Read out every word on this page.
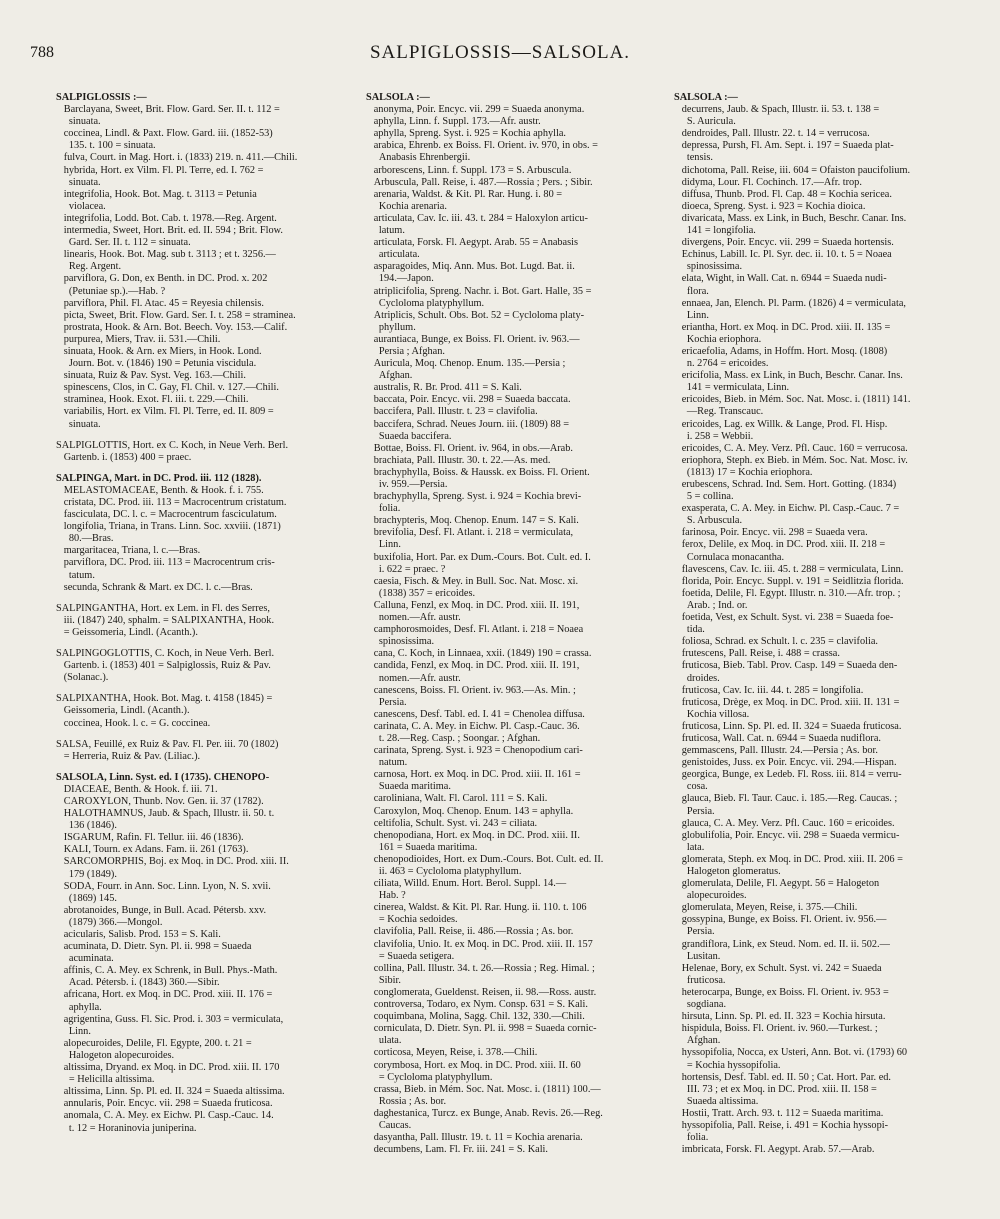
788	SALPIGLOSSIS—SALSOLA.
SALPIGLOSSIS :—
Barclayana, Sweet, Brit. Flow. Gard. Ser. II. t. 112 =
sinuata.
coccinea, Lindl. & Paxt. Flow. Gard. iii. (1852-53)
135. t. 100 = sinuata.
fulva, Court. in Mag. Hort. i. (1833) 219. n. 411.—Chili.
hybrida, Hort. ex Vilm. Fl. Pl. Terre, ed. I. 762 =
sinuata.
integrifolia, Hook. Bot. Mag. t. 3113 = Petunia
violacea.
integrifolia, Lodd. Bot. Cab. t. 1978.—Reg. Argent.
intermedia, Sweet, Hort. Brit. ed. II. 594 ; Brit. Flow.
Gard. Ser. II. t. 112 = sinuata.
linearis, Hook. Bot. Mag. sub t. 3113 ; et t. 3256.—
Reg. Argent.
parviflora, G. Don, ex Benth. in DC. Prod. x. 202
(Petuniae sp.).—Hab. ?
parviflora, Phil. Fl. Atac. 45 = Reyesia chilensis.
picta, Sweet, Brit. Flow. Gard. Ser. I. t. 258 = straminea.
prostrata, Hook. & Arn. Bot. Beech. Voy. 153.—Calif.
purpurea, Miers, Trav. ii. 531.—Chili.
sinuata, Hook. & Arn. ex Miers, in Hook. Lond.
Journ. Bot. v. (1846) 190 = Petunia viscidula.
sinuata, Ruiz & Pav. Syst. Veg. 163.—Chili.
spinescens, Clos, in C. Gay, Fl. Chil. v. 127.—Chili.
straminea, Hook. Exot. Fl. iii. t. 229.—Chili.
variabilis, Hort. ex Vilm. Fl. Pl. Terre, ed. II. 809 =
sinuata.
SALPIGLOTTIS, Hort. ex C. Koch, in Neue Verh. Berl.
Gartenb. i. (1853) 400 = praec.
SALPINGA, Mart. in DC. Prod. iii. 112 (1828).
MELASTOMACEAE, Benth. & Hook. f. i. 755.
cristata, DC. Prod. iii. 113 = Macrocentrum cristatum.
fasciculata, DC. l. c. = Macrocentrum fasciculatum.
longifolia, Triana, in Trans. Linn. Soc. xxviii. (1871)
80.—Bras.
margaritacea, Triana, l. c.—Bras.
parviflora, DC. Prod. iii. 113 = Macrocentrum cris-
tatum.
secunda, Schrank & Mart. ex DC. l. c.—Bras.
SALPINGANTHA, Hort. ex Lem. in Fl. des Serres,
iii. (1847) 240, sphalm. = SALPIXANTHA, Hook.
= Geissomeria, Lindl. (Acanth.).
SALPINGOGLOTTIS, C. Koch, in Neue Verh. Berl.
Gartenb. i. (1853) 401 = Salpiglossis, Ruiz & Pav.
(Solanac.).
SALPIXANTHA, Hook. Bot. Mag. t. 4158 (1845) =
Geissomeria, Lindl. (Acanth.).
coccinea, Hook. l. c. = G. coccinea.
SALSA, Feuillé, ex Ruiz & Pav. Fl. Per. iii. 70 (1802)
= Herreria, Ruiz & Pav. (Liliac.).
SALSOLA, Linn. Syst. ed. I (1735). CHENOPO-
DIACEAE, Benth. & Hook. f. iii. 71.
CAROXYLON, Thunb. Nov. Gen. ii. 37 (1782).
HALOTHAMNUS, Jaub. & Spach, Illustr. ii. 50. t.
136 (1846).
ISGARUM, Rafin. Fl. Tellur. iii. 46 (1836).
KALI, Tourn. ex Adans. Fam. ii. 261 (1763).
SARCOMORPHIS, Boj. ex Moq. in DC. Prod. xiii. II.
179 (1849).
SODA, Fourr. in Ann. Soc. Linn. Lyon, N. S. xvii.
(1869) 145.
abrotanoides, Bunge, in Bull. Acad. Pétersb. xxv.
(1879) 366.—Mongol.
acicularis, Salisb. Prod. 153 = S. Kali.
acuminata, D. Dietr. Syn. Pl. ii. 998 = Suaeda
acuminata.
affinis, C. A. Mey. ex Schrenk, in Bull. Phys.-Math.
Acad. Pétersb. i. (1843) 360.—Sibir.
africana, Hort. ex Moq. in DC. Prod. xiii. II. 176 =
aphylla.
agrigentina, Guss. Fl. Sic. Prod. i. 303 = vermiculata,
Linn.
alopecuroides, Delile, Fl. Egypte, 200. t. 21 =
Halogeton alopecuroides.
altissima, Dryand. ex Moq. in DC. Prod. xiii. II. 170
= Helicilla altissima.
altissima, Linn. Sp. Pl. ed. II. 324 = Suaeda altissima.
annularis, Poir. Encyc. vii. 298 = Suaeda fruticosa.
anomala, C. A. Mey. ex Eichw. Pl. Casp.-Cauc. 14.
t. 12 = Horaninovia juniperina.
SALSOLA :—
anonyma, Poir. Encyc. vii. 299 = Suaeda anonyma.
aphylla, Linn. f. Suppl. 173.—Afr. austr.
aphylla, Spreng. Syst. i. 925 = Kochia aphylla.
arabica, Ehrenb. ex Boiss. Fl. Orient. iv. 970, in obs. =
Anabasis Ehrenbergii.
arborescens, Linn. f. Suppl. 173 = S. Arbuscula.
Arbuscula, Pall. Reise, i. 487.—Rossia ; Pers. ; Sibir.
arenaria, Waldst. & Kit. Pl. Rar. Hung. i. 80 =
Kochia arenaria.
articulata, Cav. Ic. iii. 43. t. 284 = Haloxylon articu-
latum.
articulata, Forsk. Fl. Aegypt. Arab. 55 = Anabasis
articulata.
asparagoides, Miq. Ann. Mus. Bot. Lugd. Bat. ii.
194.—Japon.
atriplicifolia, Spreng. Nachr. i. Bot. Gart. Halle, 35 =
Cycloloma platyphyllum.
Atriplicis, Schult. Obs. Bot. 52 = Cycloloma platy-
phyllum.
aurantiaca, Bunge, ex Boiss. Fl. Orient. iv. 963.—
Persia ; Afghan.
Auricula, Moq. Chenop. Enum. 135.—Persia ;
Afghan.
australis, R. Br. Prod. 411 = S. Kali.
baccata, Poir. Encyc. vii. 298 = Suaeda baccata.
baccifera, Pall. Illustr. t. 23 = clavifolia.
baccifera, Schrad. Neues Journ. iii. (1809) 88 =
Suaeda baccifera.
Bottae, Boiss. Fl. Orient. iv. 964, in obs.—Arab.
brachiata, Pall. Illustr. 30. t. 22.—As. med.
brachyphylla, Boiss. & Haussk. ex Boiss. Fl. Orient.
iv. 959.—Persia.
brachyphylla, Spreng. Syst. i. 924 = Kochia brevi-
folia.
brachypteris, Moq. Chenop. Enum. 147 = S. Kali.
brevifolia, Desf. Fl. Atlant. i. 218 = vermiculata,
Linn.
buxifolia, Hort. Par. ex Dum.-Cours. Bot. Cult. ed. I.
i. 622 = praec. ?
caesia, Fisch. & Mey. in Bull. Soc. Nat. Mosc. xi.
(1838) 357 = ericoides.
Calluna, Fenzl, ex Moq. in DC. Prod. xiii. II. 191,
nomen.—Afr. austr.
camphorosmoides, Desf. Fl. Atlant. i. 218 = Noaea
spinosissima.
cana, C. Koch, in Linnaea, xxii. (1849) 190 = crassa.
candida, Fenzl, ex Moq. in DC. Prod. xiii. II. 191,
nomen.—Afr. austr.
canescens, Boiss. Fl. Orient. iv. 963.—As. Min. ;
Persia.
canescens, Desf. Tabl. ed. I. 41 = Chenolea diffusa.
carinata, C. A. Mey. in Eichw. Pl. Casp.-Cauc. 36.
t. 28.—Reg. Casp. ; Soongar. ; Afghan.
carinata, Spreng. Syst. i. 923 = Chenopodium cari-
natum.
carnosa, Hort. ex Moq. in DC. Prod. xiii. II. 161 =
Suaeda maritima.
caroliniana, Walt. Fl. Carol. 111 = S. Kali.
Caroxylon, Moq. Chenop. Enum. 143 = aphylla.
celtifolia, Schult. Syst. vi. 243 = ciliata.
chenopodiana, Hort. ex Moq. in DC. Prod. xiii. II.
161 = Suaeda maritima.
chenopodioides, Hort. ex Dum.-Cours. Bot. Cult. ed. II.
ii. 463 = Cycloloma platyphyllum.
ciliata, Willd. Enum. Hort. Berol. Suppl. 14.—
Hab. ?
cinerea, Waldst. & Kit. Pl. Rar. Hung. ii. 110. t. 106
= Kochia sedoides.
clavifolia, Pall. Reise, ii. 486.—Rossia ; As. bor.
clavifolia, Unio. It. ex Moq. in DC. Prod. xiii. II. 157
= Suaeda setigera.
collina, Pall. Illustr. 34. t. 26.—Rossia ; Reg. Himal. ;
Sibir.
conglomerata, Gueldenst. Reisen, ii. 98.—Ross. austr.
controversa, Todaro, ex Nym. Consp. 631 = S. Kali.
coquimbana, Molina, Sagg. Chil. 132, 330.—Chili.
corniculata, D. Dietr. Syn. Pl. ii. 998 = Suaeda cornic-
ulata.
corticosa, Meyen, Reise, i. 378.—Chili.
corymbosa, Hort. ex Moq. in DC. Prod. xiii. II. 60
= Cycloloma platyphyllum.
crassa, Bieb. in Mém. Soc. Nat. Mosc. i. (1811) 100.—
Rossia ; As. bor.
daghestanica, Turcz. ex Bunge, Anab. Revis. 26.—Reg.
Caucas.
dasyantha, Pall. Illustr. 19. t. 11 = Kochia arenaria.
decumbens, Lam. Fl. Fr. iii. 241 = S. Kali.
SALSOLA :—
decurrens, Jaub. & Spach, Illustr. ii. 53. t. 138 =
S. Auricula.
dendroides, Pall. Illustr. 22. t. 14 = verrucosa.
depressa, Pursh, Fl. Am. Sept. i. 197 = Suaeda plat-
tensis.
dichotoma, Pall. Reise, iii. 604 = Ofaiston paucifolium.
didyma, Lour. Fl. Cochinch. 17.—Afr. trop.
diffusa, Thunb. Prod. Fl. Cap. 48 = Kochia sericea.
dioeca, Spreng. Syst. i. 923 = Kochia dioica.
divaricata, Mass. ex Link, in Buch, Beschr. Canar. Ins.
141 = longifolia.
divergens, Poir. Encyc. vii. 299 = Suaeda hortensis.
Echinus, Labill. Ic. Pl. Syr. dec. ii. 10. t. 5 = Noaea
spinosissima.
elata, Wight, in Wall. Cat. n. 6944 = Suaeda nudi-
flora.
ennaea, Jan, Elench. Pl. Parm. (1826) 4 = vermiculata,
Linn.
eriantha, Hort. ex Moq. in DC. Prod. xiii. II. 135 =
Kochia eriophora.
ericaefolia, Adams, in Hoffm. Hort. Mosq. (1808)
n. 2764 = ericoides.
ericifolia, Mass. ex Link, in Buch, Beschr. Canar. Ins.
141 = vermiculata, Linn.
ericoides, Bieb. in Mém. Soc. Nat. Mosc. i. (1811) 141.
—Reg. Transcauc.
ericoides, Lag. ex Willk. & Lange, Prod. Fl. Hisp.
i. 258 = Webbii.
ericoides, C. A. Mey. Verz. Pfl. Cauc. 160 = verrucosa.
eriophora, Steph. ex Bieb. in Mém. Soc. Nat. Mosc. iv.
(1813) 17 = Kochia eriophora.
erubescens, Schrad. Ind. Sem. Hort. Gotting. (1834)
5 = collina.
exasperata, C. A. Mey. in Eichw. Pl. Casp.-Cauc. 7 =
S. Arbuscula.
farinosa, Poir. Encyc. vii. 298 = Suaeda vera.
ferox, Delile, ex Moq. in DC. Prod. xiii. II. 218 =
Cornulaca monacantha.
flavescens, Cav. Ic. iii. 45. t. 288 = vermiculata, Linn.
florida, Poir. Encyc. Suppl. v. 191 = Seidlitzia florida.
foetida, Delile, Fl. Egypt. Illustr. n. 310.—Afr. trop. ;
Arab. ; Ind. or.
foetida, Vest, ex Schult. Syst. vi. 238 = Suaeda foe-
tida.
foliosa, Schrad. ex Schult. l. c. 235 = clavifolia.
frutescens, Pall. Reise, i. 488 = crassa.
fruticosa, Bieb. Tabl. Prov. Casp. 149 = Suaeda den-
droides.
fruticosa, Cav. Ic. iii. 44. t. 285 = longifolia.
fruticosa, Drège, ex Moq. in DC. Prod. xiii. II. 131 =
Kochia villosa.
fruticosa, Linn. Sp. Pl. ed. II. 324 = Suaeda fruticosa.
fruticosa, Wall. Cat. n. 6944 = Suaeda nudiflora.
gemmascens, Pall. Illustr. 24.—Persia ; As. bor.
genistoides, Juss. ex Poir. Encyc. vii. 294.—Hispan.
georgica, Bunge, ex Ledeb. Fl. Ross. iii. 814 = verru-
cosa.
glauca, Bieb. Fl. Taur. Cauc. i. 185.—Reg. Caucas. ;
Persia.
glauca, C. A. Mey. Verz. Pfl. Cauc. 160 = ericoides.
globulifolia, Poir. Encyc. vii. 298 = Suaeda vermicu-
lata.
glomerata, Steph. ex Moq. in DC. Prod. xiii. II. 206 =
Halogeton glomeratus.
glomerulata, Delile, Fl. Aegypt. 56 = Halogeton
alopecuroides.
glomerulata, Meyen, Reise, i. 375.—Chili.
gossypina, Bunge, ex Boiss. Fl. Orient. iv. 956.—
Persia.
grandiflora, Link, ex Steud. Nom. ed. II. ii. 502.—
Lusitan.
Helenae, Bory, ex Schult. Syst. vi. 242 = Suaeda
fruticosa.
heterocarpa, Bunge, ex Boiss. Fl. Orient. iv. 953 =
sogdiana.
hirsuta, Linn. Sp. Pl. ed. II. 323 = Kochia hirsuta.
hispidula, Boiss. Fl. Orient. iv. 960.—Turkest. ;
Afghan.
hyssopifolia, Nocca, ex Usteri, Ann. Bot. vi. (1793) 60
= Kochia hyssopifolia.
hortensis, Desf. Tabl. ed. II. 50 ; Cat. Hort. Par. ed.
III. 73 ; et ex Moq. in DC. Prod. xiii. II. 158 =
Suaeda altissima.
Hostii, Tratt. Arch. 93. t. 112 = Suaeda maritima.
hyssopifolia, Pall. Reise, i. 491 = Kochia hyssopi-
folia.
imbricata, Forsk. Fl. Aegypt. Arab. 57.—Arab.
